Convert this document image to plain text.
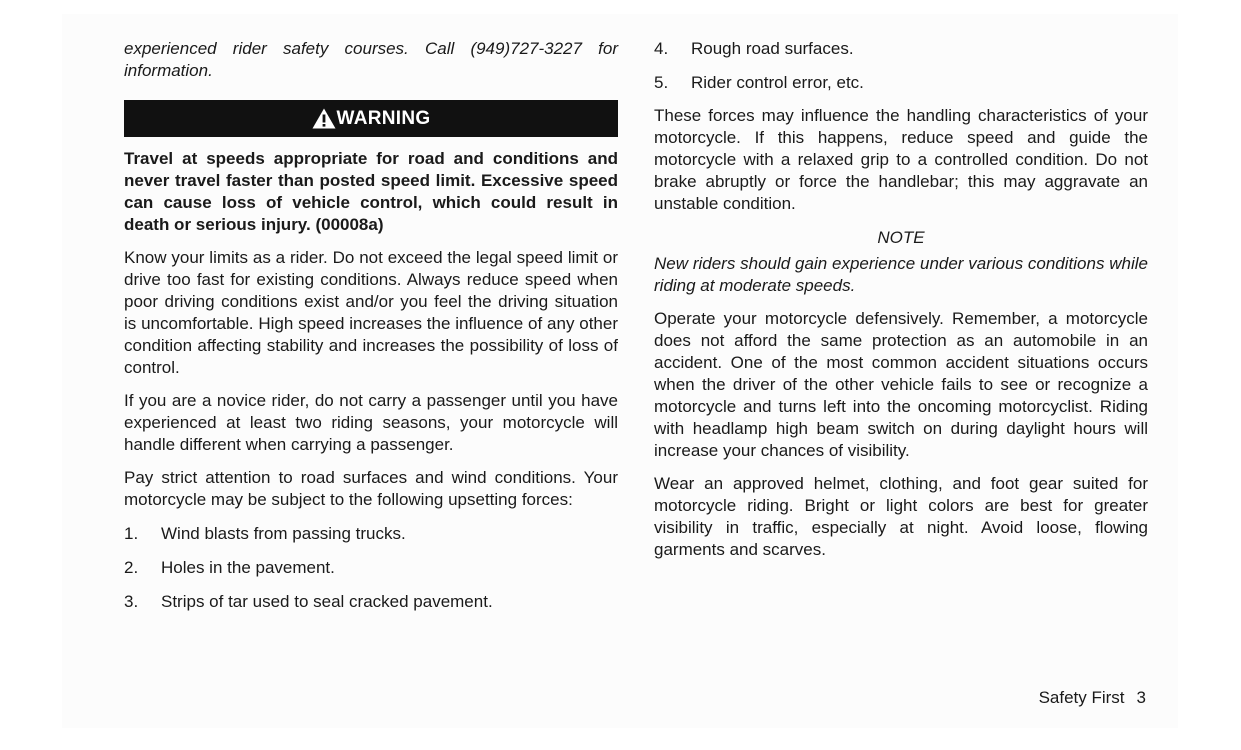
experienced rider safety courses. Call (949)727-3227 for information.

WARNING

Travel at speeds appropriate for road and conditions and never travel faster than posted speed limit. Excessive speed can cause loss of vehicle control, which could result in death or serious injury. (00008a)

Know your limits as a rider. Do not exceed the legal speed limit or drive too fast for existing conditions. Always reduce speed when poor driving conditions exist and/or you feel the driving situation is uncomfortable. High speed increases the influence of any other condition affecting stability and increases the possibility of loss of control.

If you are a novice rider, do not carry a passenger until you have experienced at least two riding seasons, your motorcycle will handle different when carrying a passenger.

Pay strict attention to road surfaces and wind conditions. Your motorcycle may be subject to the following upsetting forces:

1.	Wind blasts from passing trucks.
2.	Holes in the pavement.
3.	Strips of tar used to seal cracked pavement.
4.	Rough road surfaces.
5.	Rider control error, etc.

These forces may influence the handling characteristics of your motorcycle. If this happens, reduce speed and guide the motorcycle with a relaxed grip to a controlled condition. Do not brake abruptly or force the handlebar; this may aggravate an unstable condition.

NOTE

New riders should gain experience under various conditions while riding at moderate speeds.

Operate your motorcycle defensively. Remember, a motorcycle does not afford the same protection as an automobile in an accident. One of the most common accident situations occurs when the driver of the other vehicle fails to see or recognize a motorcycle and turns left into the oncoming motorcyclist. Riding with headlamp high beam switch on during daylight hours will increase your chances of visibility.

Wear an approved helmet, clothing, and foot gear suited for motorcycle riding. Bright or light colors are best for greater visibility in traffic, especially at night. Avoid loose, flowing garments and scarves.

Safety First 3
